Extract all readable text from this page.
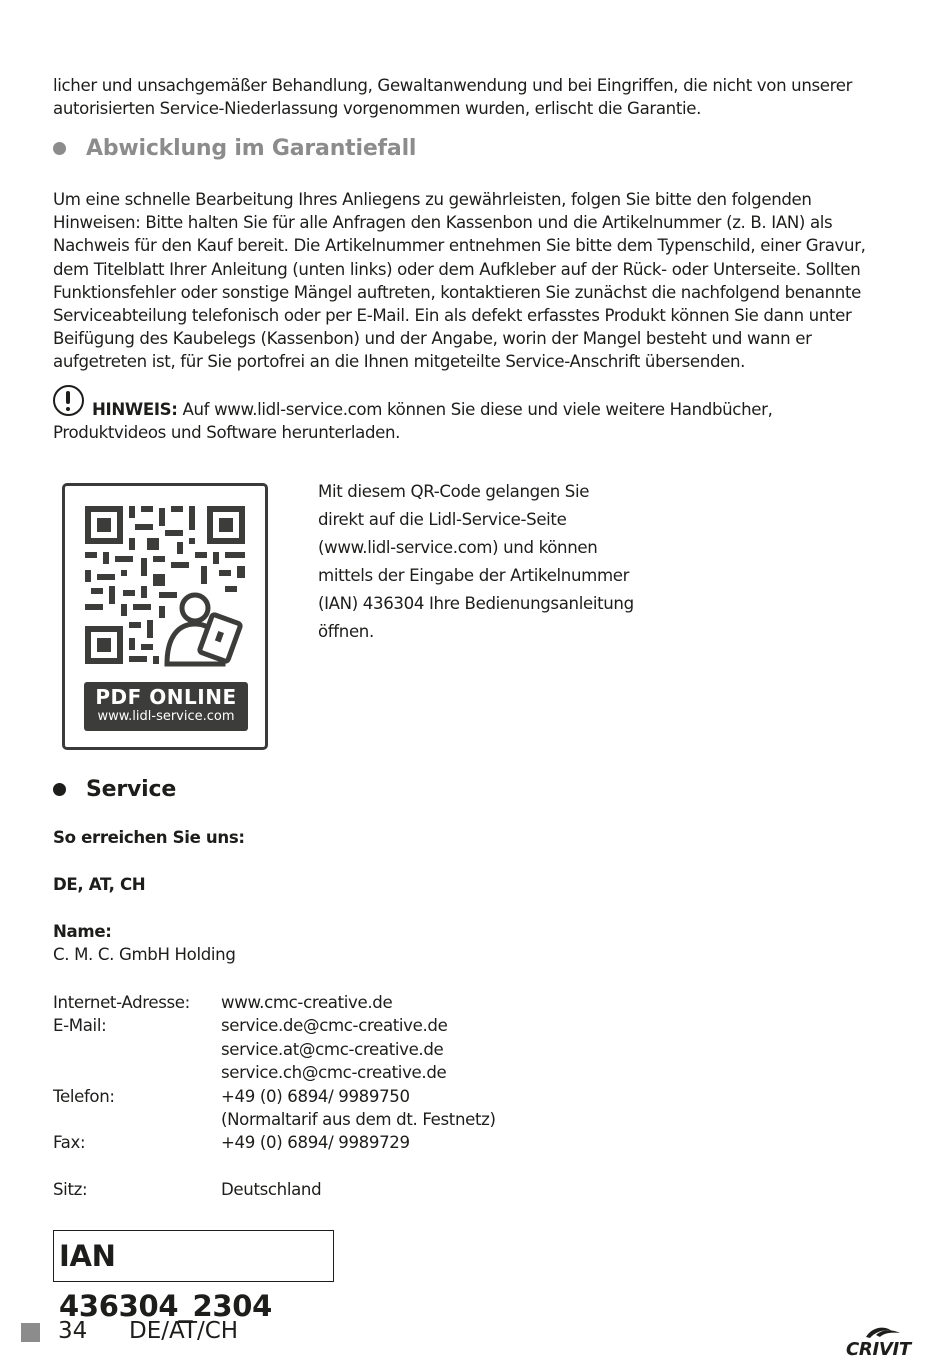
licher und unsachgemäßer Behandlung, Gewaltanwendung und bei Eingriffen, die nicht von unserer autorisierten Service-Niederlassung vorgenommen wurden, erlischt die Garantie.

Abwicklung im Garantiefall

Um eine schnelle Bearbeitung Ihres Anliegens zu gewährleisten, folgen Sie bitte den folgenden Hinweisen: Bitte halten Sie für alle Anfragen den Kassenbon und die Artikelnummer (z. B. IAN) als Nachweis für den Kauf bereit. Die Artikelnummer entnehmen Sie bitte dem Typenschild, einer Gravur, dem Titelblatt Ihrer Anleitung (unten links) oder dem Aufkleber auf der Rück- oder Unterseite. Sollten Funktionsfehler oder sonstige Mängel auftreten, kontaktieren Sie zunächst die nachfolgend benannte Serviceabteilung telefonisch oder per E-Mail. Ein als defekt erfasstes Produkt können Sie dann unter Beifügung des Kaubelegs (Kassenbon) und der Angabe, worin der Mangel besteht und wann er aufgetreten ist, für Sie portofrei an die Ihnen mitgeteilte Service-Anschrift übersenden.

HINWEIS: Auf www.lidl-service.com können Sie diese und viele weitere Handbücher, Produktvideos und Software herunterladen.

PDF ONLINE
www.lidl-service.com

Mit diesem QR-Code gelangen Sie direkt auf die Lidl-Service-Seite (www.lidl-service.com) und können mittels der Eingabe der Artikelnummer (IAN) 436304 Ihre Bedienungsanleitung öffnen.

Service

So erreichen Sie uns:

DE, AT, CH

Name:

C. M. C. GmbH Holding

Internet-Adresse: www.cmc-creative.de
E-Mail:	service.de@cmc-creative.de
service.at@cmc-creative.de
service.ch@cmc-creative.de
Telefon:	+49 (0) 6894/ 9989750
(Normaltarif aus dem dt. Festnetz)
Fax:	+49 (0) 6894/ 9989729
Sitz:	Deutschland
IAN 436304_2304
34 DE/AT/CH
CRIVIT
